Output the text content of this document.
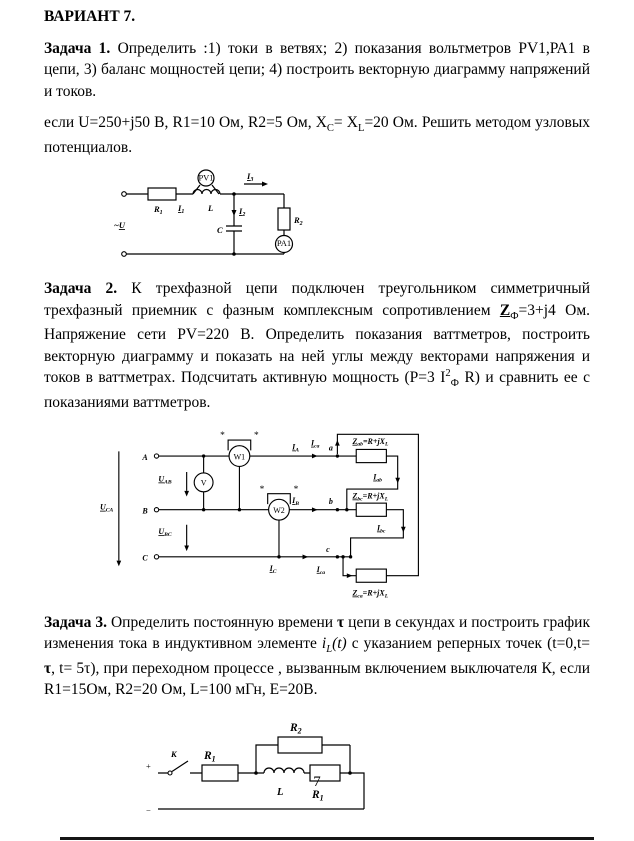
ВАРИАНТ 7.

Задача 1. Определить :1) токи в ветвях; 2) показания вольтметров PV1,РА1 в цепи, 3) баланс мощностей цепи; 4) построить векторную диаграмму напряжений и токов.

если U=250+j50 В, R1=10 Ом, R2=5 Ом, $X_C= X_L=20$ Ом. Решить методом узловых потенциалов.

PV1
PA1
~U
$R_1$ $I_1$	L
$I_3$
$I_2$
C
$R_2$

Задача 2. К трехфазной цепи подключен треугольником симметричный трехфазный приемник с фазным комплексным сопротивлением $Z_Ф=3+j4$ Ом. Напряжение сети PV=220 В. Определить показания ваттметров, построить векторную диаграмму и показать на ней углы между векторами напряжения и токов в ваттметрах. Подсчитать активную мощность (P=3 $I^2_Ф$ R) и сравнить ее с показаниями ваттметров.

V
W1
*	*
W2
*	*
$U_{CA}$
A
B
C
$U_{AB}$
$U_{BC}$
$I_A$
$I_B$
$I_C$
a
b
c
$I_{ca}$
$I_{ca}$
$I_{ab}$
$I_{bc}$
$Z_{ab}=R+jX_L$
$Z_{bc}=R+jX_L$
$Z_{ca}=R+jX_L$

Задача 3. Определить постоянную времени τ цепи в секундах и построить график изменения тока в индуктивном элементе $i_L(t)$ с указанием реперных точек (t=0,t= τ, t= 5τ), при переходном процессе , вызванным включением выключателя К, если R1=15Ом, R2=20 Ом, L=100 мГн, E=20В.

+
−
К $R_1$
$R_2$
L $R_1$
7
